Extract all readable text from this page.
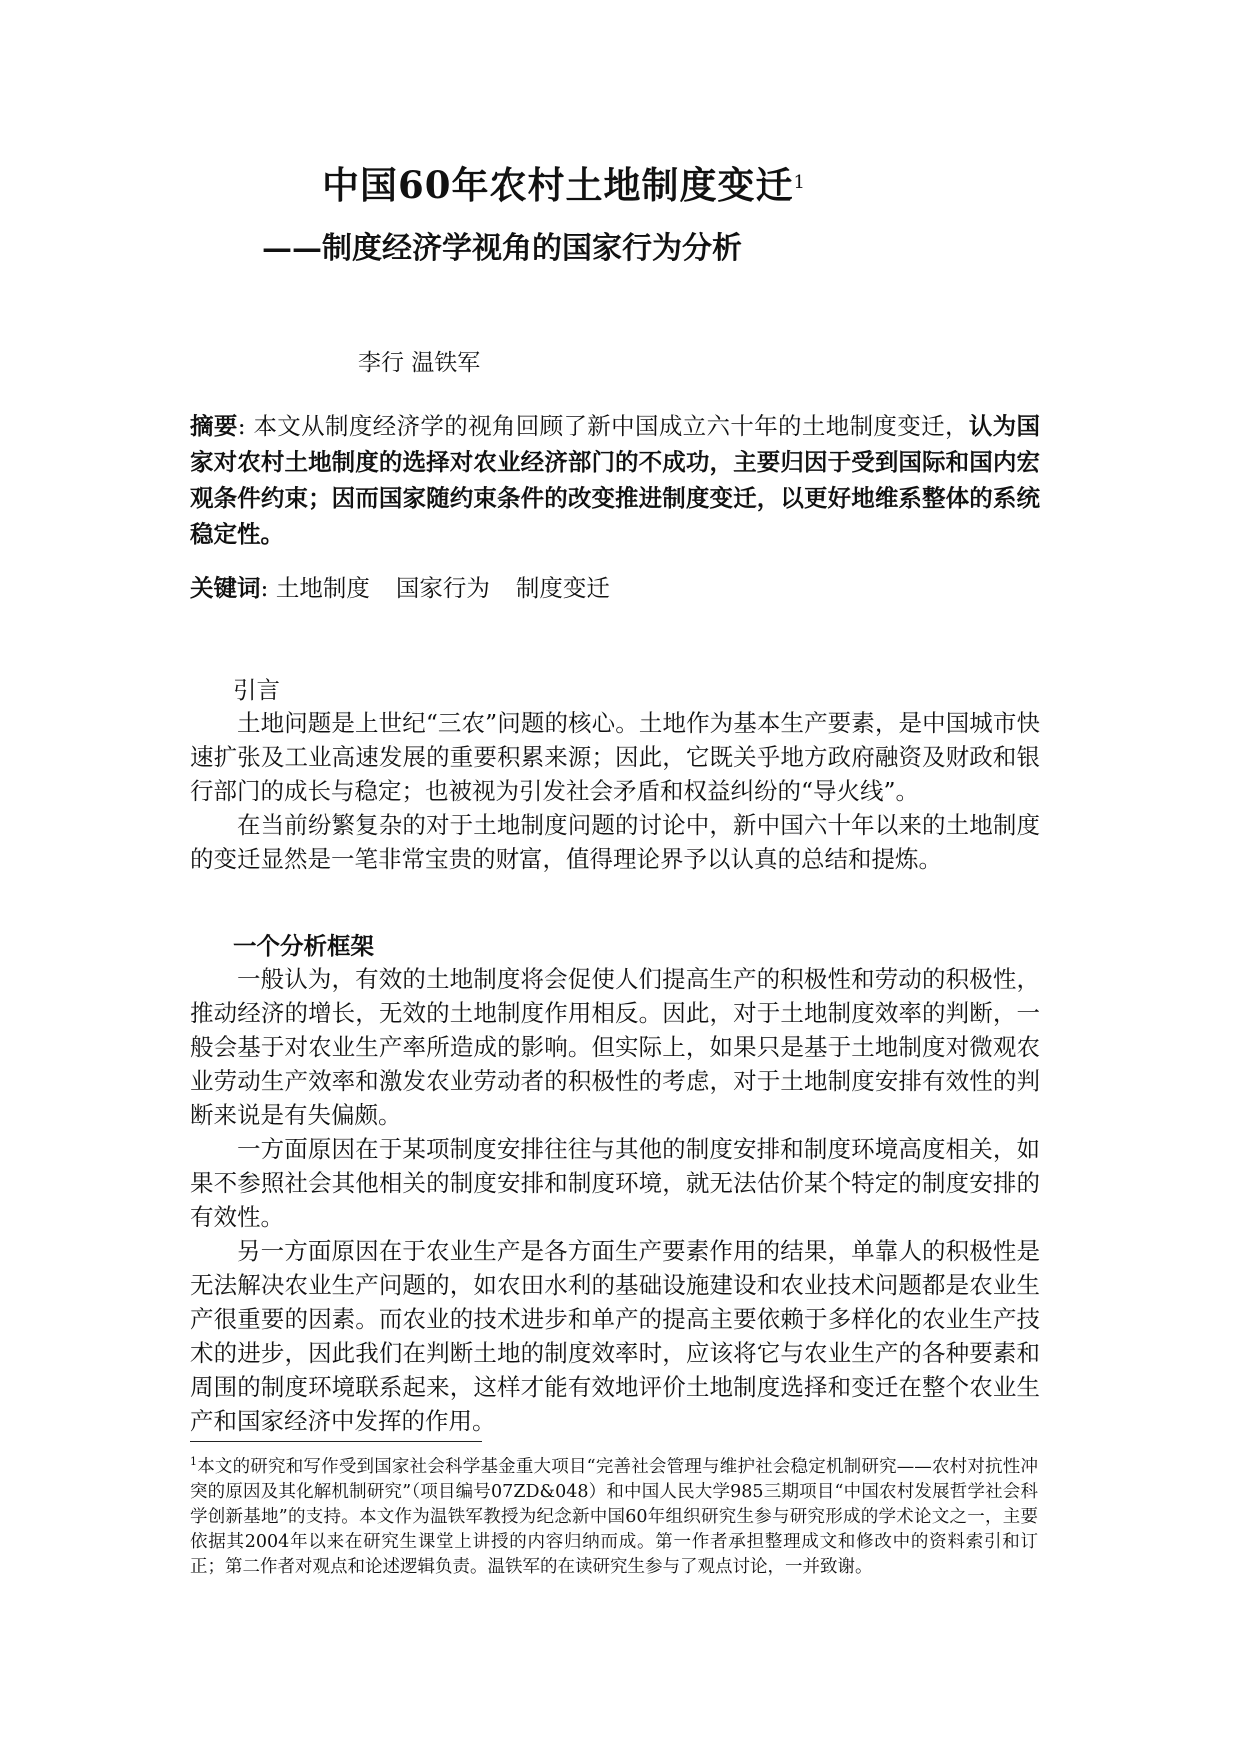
中国60年农村土地制度变迁$^1$
——制度经济学视角的国家行为分析
李行 温铁军
摘要: 本文从制度经济学的视角回顾了新中国成立六十年的土地制度变迁，认为国家对农村土地制度的选择对农业经济部门的不成功，主要归因于受到国际和国内宏观条件约束；因而国家随约束条件的改变推进制度变迁，以更好地维系整体的系统稳定性。
关键词: 土地制度 国家行为 制度变迁
引言

土地问题是上世纪“三农”问题的核心。土地作为基本生产要素，是中国城市快速扩张及工业高速发展的重要积累来源；因此，它既关乎地方政府融资及财政和银行部门的成长与稳定；也被视为引发社会矛盾和权益纠纷的“导火线”。

在当前纷繁复杂的对于土地制度问题的讨论中，新中国六十年以来的土地制度的变迁显然是一笔非常宝贵的财富，值得理论界予以认真的总结和提炼。

一个分析框架

一般认为，有效的土地制度将会促使人们提高生产的积极性和劳动的积极性，推动经济的增长，无效的土地制度作用相反。因此，对于土地制度效率的判断，一般会基于对农业生产率所造成的影响。但实际上，如果只是基于土地制度对微观农业劳动生产效率和激发农业劳动者的积极性的考虑，对于土地制度安排有效性的判断来说是有失偏颇。

一方面原因在于某项制度安排往往与其他的制度安排和制度环境高度相关，如果不参照社会其他相关的制度安排和制度环境，就无法估价某个特定的制度安排的有效性。

另一方面原因在于农业生产是各方面生产要素作用的结果，单靠人的积极性是无法解决农业生产问题的，如农田水利的基础设施建设和农业技术问题都是农业生产很重要的因素。而农业的技术进步和单产的提高主要依赖于多样化的农业生产技术的进步，因此我们在判断土地的制度效率时，应该将它与农业生产的各种要素和周围的制度环境联系起来，这样才能有效地评价土地制度选择和变迁在整个农业生产和国家经济中发挥的作用。

$^1$本文的研究和写作受到国家社会科学基金重大项目“完善社会管理与维护社会稳定机制研究——农村对抗性冲突的原因及其化解机制研究”（项目编号07ZD&048）和中国人民大学985三期项目“中国农村发展哲学社会科学创新基地”的支持。本文作为温铁军教授为纪念新中国60年组织研究生参与研究形成的学术论文之一，主要依据其2004年以来在研究生课堂上讲授的内容归纳而成。第一作者承担整理成文和修改中的资料索引和订正；第二作者对观点和论述逻辑负责。温铁军的在读研究生参与了观点讨论，一并致谢。
